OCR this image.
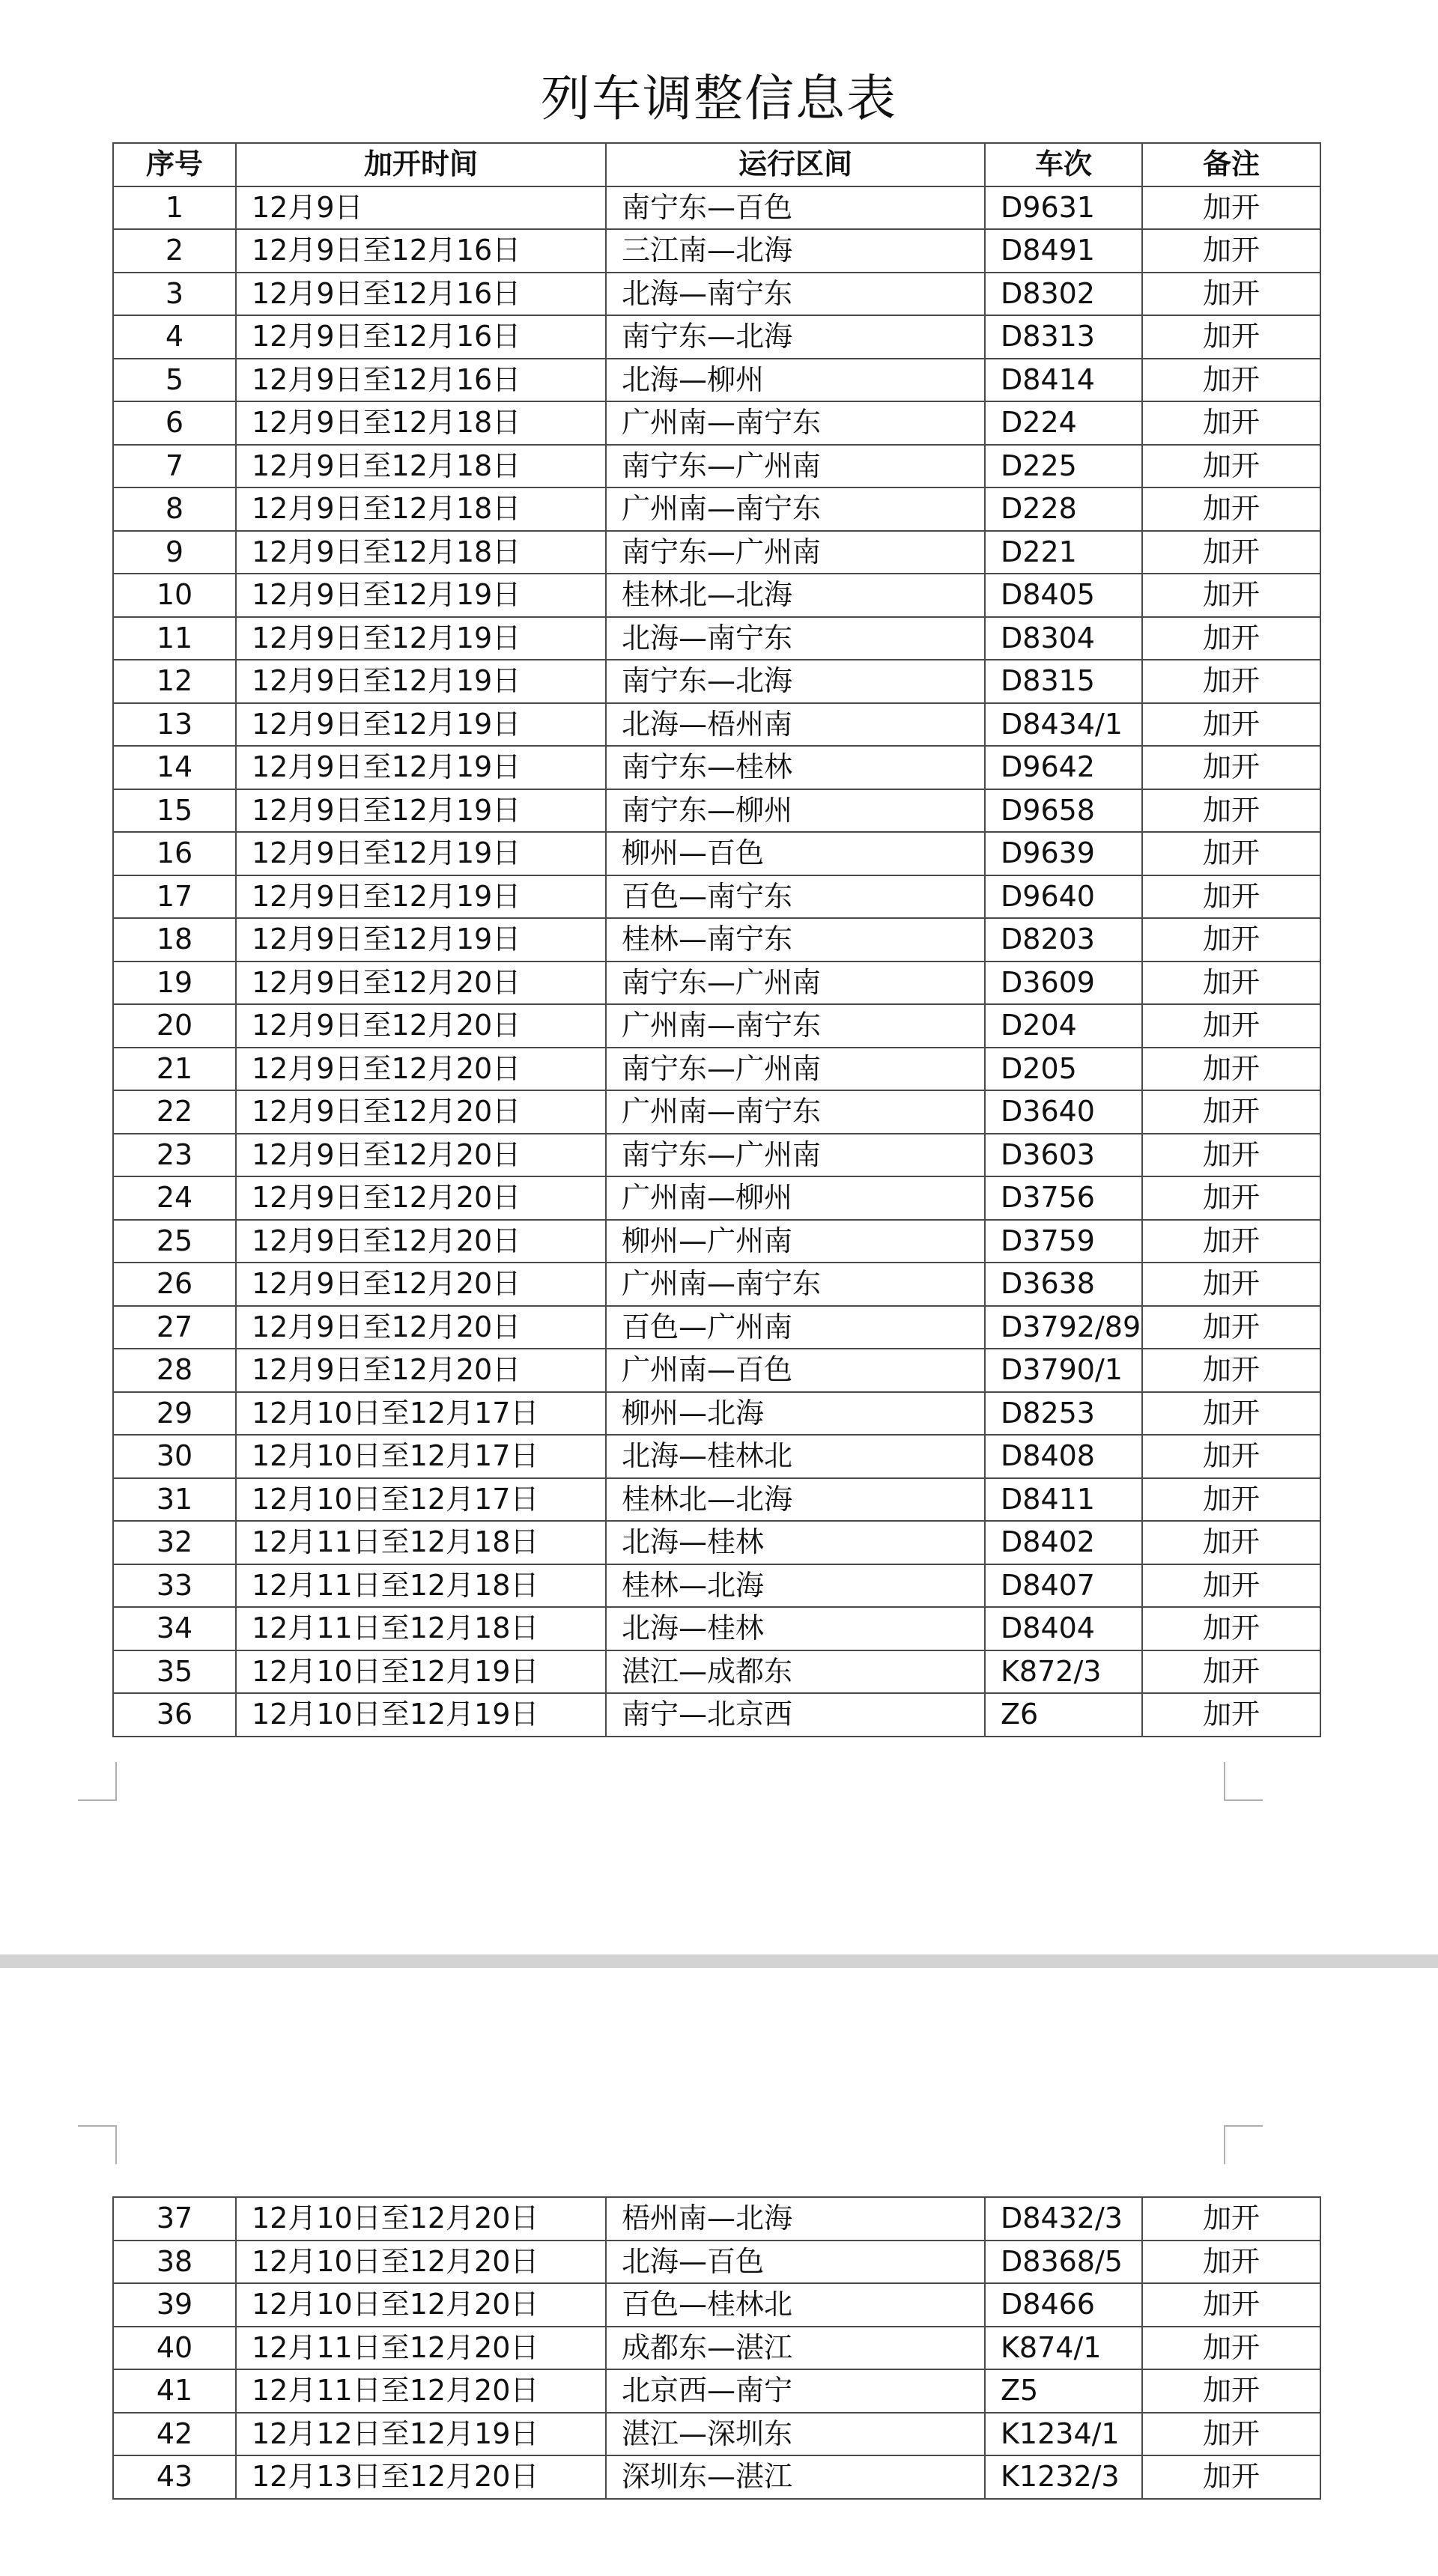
列车调整信息表
序号	加开时间	运行区间	车次	备注
1	12月9日	南宁东—百色	D9631	加开
2	12月9日至12月16日	三江南—北海	D8491	加开
3	12月9日至12月16日	北海—南宁东	D8302	加开
4	12月9日至12月16日	南宁东—北海	D8313	加开
5	12月9日至12月16日	北海—柳州	D8414	加开
6	12月9日至12月18日	广州南—南宁东	D224	加开
7	12月9日至12月18日	南宁东—广州南	D225	加开
8	12月9日至12月18日	广州南—南宁东	D228	加开
9	12月9日至12月18日	南宁东—广州南	D221	加开
10	12月9日至12月19日	桂林北—北海	D8405	加开
11	12月9日至12月19日	北海—南宁东	D8304	加开
12	12月9日至12月19日	南宁东—北海	D8315	加开
13	12月9日至12月19日	北海—梧州南	D8434/1	加开
14	12月9日至12月19日	南宁东—桂林	D9642	加开
15	12月9日至12月19日	南宁东—柳州	D9658	加开
16	12月9日至12月19日	柳州—百色	D9639	加开
17	12月9日至12月19日	百色—南宁东	D9640	加开
18	12月9日至12月19日	桂林—南宁东	D8203	加开
19	12月9日至12月20日	南宁东—广州南	D3609	加开
20	12月9日至12月20日	广州南—南宁东	D204	加开
21	12月9日至12月20日	南宁东—广州南	D205	加开
22	12月9日至12月20日	广州南—南宁东	D3640	加开
23	12月9日至12月20日	南宁东—广州南	D3603	加开
24	12月9日至12月20日	广州南—柳州	D3756	加开
25	12月9日至12月20日	柳州—广州南	D3759	加开
26	12月9日至12月20日	广州南—南宁东	D3638	加开
27	12月9日至12月20日	百色—广州南	D3792/89	加开
28	12月9日至12月20日	广州南—百色	D3790/1	加开
29	12月10日至12月17日	柳州—北海	D8253	加开
30	12月10日至12月17日	北海—桂林北	D8408	加开
31	12月10日至12月17日	桂林北—北海	D8411	加开
32	12月11日至12月18日	北海—桂林	D8402	加开
33	12月11日至12月18日	桂林—北海	D8407	加开
34	12月11日至12月18日	北海—桂林	D8404	加开
35	12月10日至12月19日	湛江—成都东	K872/3	加开
36	12月10日至12月19日	南宁—北京西	Z6	加开
37	12月10日至12月20日	梧州南—北海	D8432/3	加开
38	12月10日至12月20日	北海—百色	D8368/5	加开
39	12月10日至12月20日	百色—桂林北	D8466	加开
40	12月11日至12月20日	成都东—湛江	K874/1	加开
41	12月11日至12月20日	北京西—南宁	Z5	加开
42	12月12日至12月19日	湛江—深圳东	K1234/1	加开
43	12月13日至12月20日	深圳东—湛江	K1232/3	加开
